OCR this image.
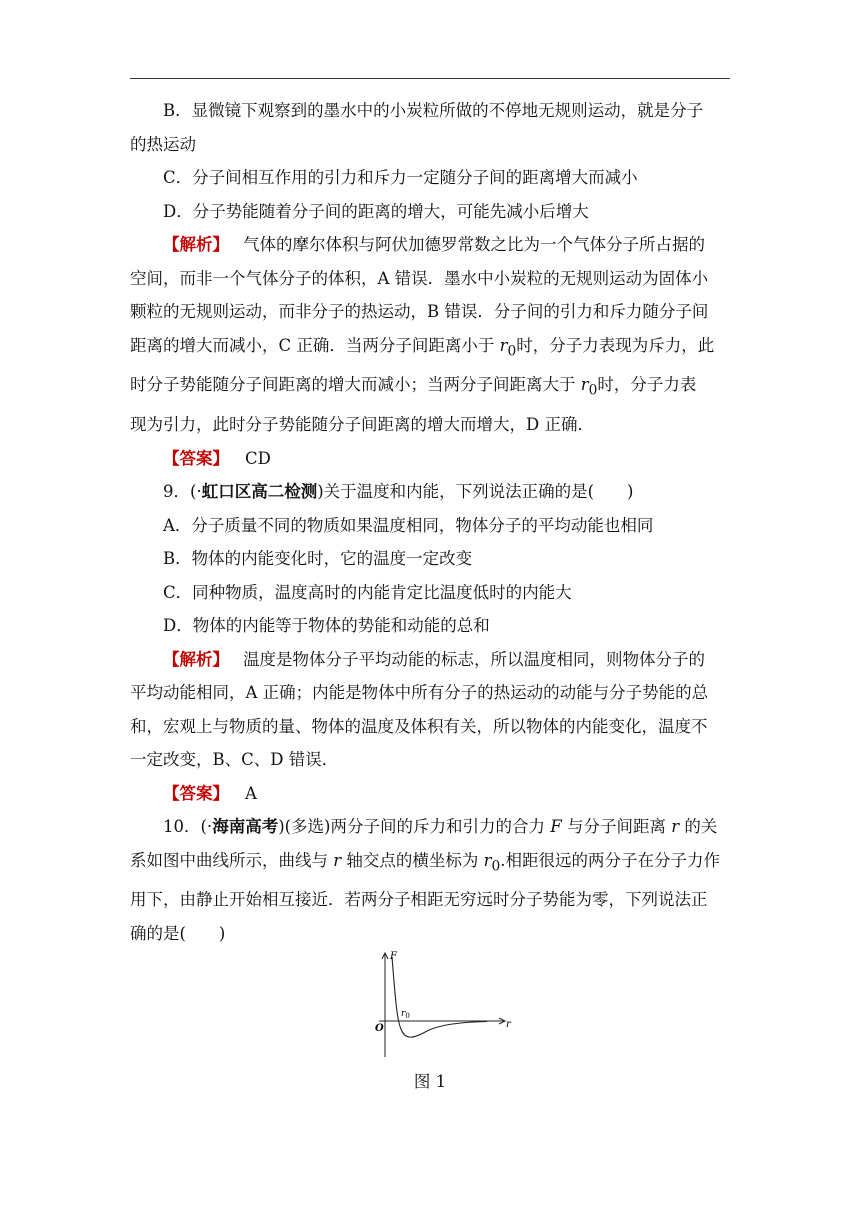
B．显微镜下观察到的墨水中的小炭粒所做的不停地无规则运动，就是分子

的热运动

C．分子间相互作用的引力和斥力一定随分子间的距离增大而减小

D．分子势能随着分子间的距离的增大，可能先减小后增大

【解析】 气体的摩尔体积与阿伏加德罗常数之比为一个气体分子所占据的

空间，而非一个气体分子的体积，A 错误．墨水中小炭粒的无规则运动为固体小

颗粒的无规则运动，而非分子的热运动，B 错误．分子间的引力和斥力随分子间

距离的增大而减小，C 正确．当两分子间距离小于 $r_0$时，分子力表现为斥力，此

时分子势能随分子间距离的增大而减小；当两分子间距离大于 $r_0$时，分子力表

现为引力，此时分子势能随分子间距离的增大而增大，D 正确．

【答案】 CD

9．(·虹口区高二检测)关于温度和内能，下列说法正确的是(　　)

A．分子质量不同的物质如果温度相同，物体分子的平均动能也相同

B．物体的内能变化时，它的温度一定改变

C．同种物质，温度高时的内能肯定比温度低时的内能大

D．物体的内能等于物体的势能和动能的总和

【解析】 温度是物体分子平均动能的标志，所以温度相同，则物体分子的

平均动能相同，A 正确；内能是物体中所有分子的热运动的动能与分子势能的总

和，宏观上与物质的量、物体的温度及体积有关，所以物体的内能变化，温度不

一定改变，B、C、D 错误．

【答案】 A

10．(·海南高考)(多选)两分子间的斥力和引力的合力 F 与分子间距离 r 的关

系如图中曲线所示，曲线与 r 轴交点的横坐标为 $r_0$.相距很远的两分子在分子力作

用下，由静止开始相互接近．若两分子相距无穷远时分子势能为零，下列说法正

确的是(　　)

F
r
O
$r_0$
图 1
